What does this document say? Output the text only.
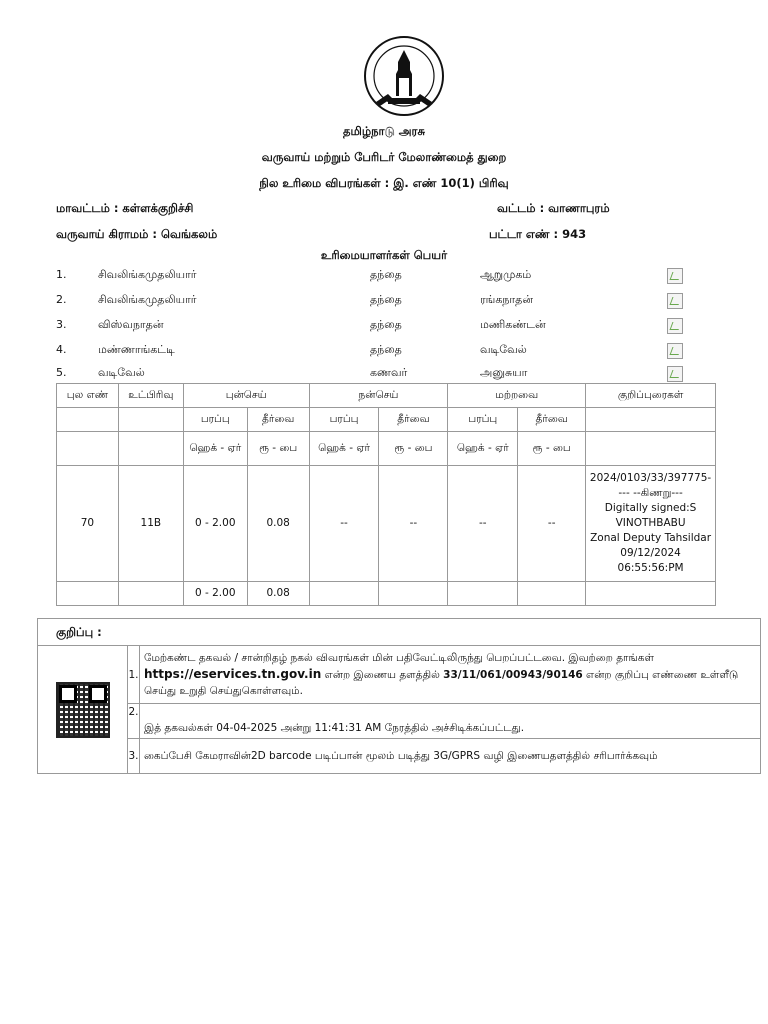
தமிழ்நாடு அரசு
வருவாய் மற்றும் பேரிடர் மேலாண்மைத் துறை
நில உரிமை விபரங்கள் : இ. எண் 10(1) பிரிவு
மாவட்டம் : கள்ளக்குறிச்சி	வட்டம் : வாணாபுரம்
வருவாய் கிராமம் : வெங்கலம்	பட்டா எண் : 943
உரிமையாளர்கள் பெயர்
1.	சிவலிங்கமுதலியார்	தந்தை	ஆறுமுகம்
2.	சிவலிங்கமுதலியார்	தந்தை	ரங்கநாதன்
3.	விஸ்வநாதன்	தந்தை	மணிகண்டன்
4.	மண்ணாங்கட்டி	தந்தை	வடிவேல்
5.	வடிவேல்	கணவர்	அனுசுயா
புல எண்	உட்பிரிவு	புன்செய்		நன்செய்		மற்றவை		குறிப்புரைகள்
		பரப்பு	தீர்வை	பரப்பு	தீர்வை	பரப்பு	தீர்வை	
		ஹெக் - ஏர்	ரூ - பை	ஹெக் - ஏர்	ரூ - பை	ஹெக் - ஏர்	ரூ - பை	
70	11B	0 - 2.00	0.08	--	--	--	--	2024/0103/33/397775---- --கிணறு---
Digitally signed:S VINOTHBABU
Zonal Deputy Tahsildar
09/12/2024
06:55:56:PM

		0 - 2.00	0.08					
குறிப்பு :		

	1.	மேற்கண்ட தகவல் / சான்றிதழ் நகல் விவரங்கள் மின் பதிவேட்டிலிருந்து பெறப்பட்டவை. இவற்றை தாங்கள்       https://eservices.tn.gov.in என்ற இணைய தளத்தில் 33/11/061/00943/90146 என்ற குறிப்பு எண்ணை உள்ளீடு செய்து உறுதி செய்துகொள்ளவும்.
	2.	இத் தகவல்கள் 04-04-2025 அன்று 11:41:31 AM நேரத்தில் அச்சிடிக்கப்பட்டது.
	3.	கைப்பேசி கேமராவின்2D barcode படிப்பான் மூலம் படித்து 3G/GPRS வழி இணையதளத்தில் சரிபார்க்கவும்
